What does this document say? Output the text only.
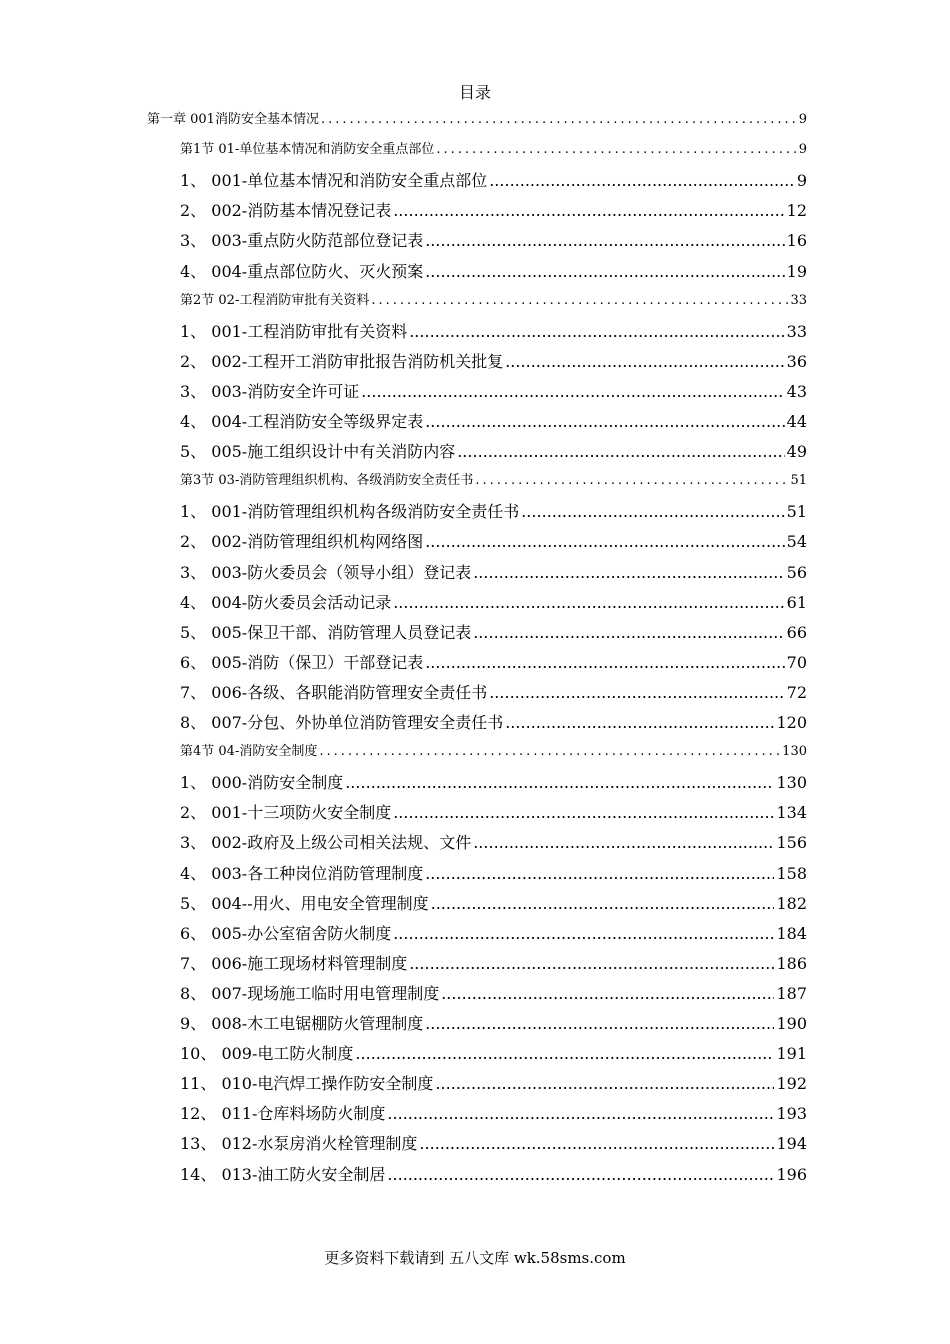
目录
第一章 001消防安全基本情况 .....	9
第1节 01-单位基本情况和消防安全重点部位 .....	9
1、 001-单位基本情况和消防安全重点部位 .....	9
2、 002-消防基本情况登记表 .....	12
3、 003-重点防火防范部位登记表 .....	16
4、 004-重点部位防火、灭火预案 .....	19
第2节 02-工程消防审批有关资料 .....	33
1、 001-工程消防审批有关资料 .....	33
2、 002-工程开工消防审批报告消防机关批复 .....	36
3、 003-消防安全许可证 .....	43
4、 004-工程消防安全等级界定表 .....	44
5、 005-施工组织设计中有关消防内容 .....	49
第3节 03-消防管理组织机构、各级消防安全责任书 .....	51
1、 001-消防管理组织机构各级消防安全责任书 .....	51
2、 002-消防管理组织机构网络图 .....	54
3、 003-防火委员会（领导小组）登记表 .....	56
4、 004-防火委员会活动记录 .....	61
5、 005-保卫干部、消防管理人员登记表 .....	66
6、 005-消防（保卫）干部登记表 .....	70
7、 006-各级、各职能消防管理安全责任书 .....	72
8、 007-分包、外协单位消防管理安全责任书 .....	120
第4节 04-消防安全制度 .....	130
1、 000-消防安全制度 .....	130
2、 001-十三项防火安全制度 .....	134
3、 002-政府及上级公司相关法规、文件 .....	156
4、 003-各工种岗位消防管理制度 .....	158
5、 004--用火、用电安全管理制度 .....	182
6、 005-办公室宿舍防火制度 .....	184
7、 006-施工现场材料管理制度 .....	186
8、 007-现场施工临时用电管理制度 .....	187
9、 008-木工电锯棚防火管理制度 .....	190
10、 009-电工防火制度 .....	191
11、 010-电汽焊工操作防安全制度 .....	192
12、 011-仓库料场防火制度 .....	193
13、 012-水泵房消火栓管理制度 .....	194
14、 013-油工防火安全制居 .....	196
更多资料下载请到 五八文库 wk.58sms.com
